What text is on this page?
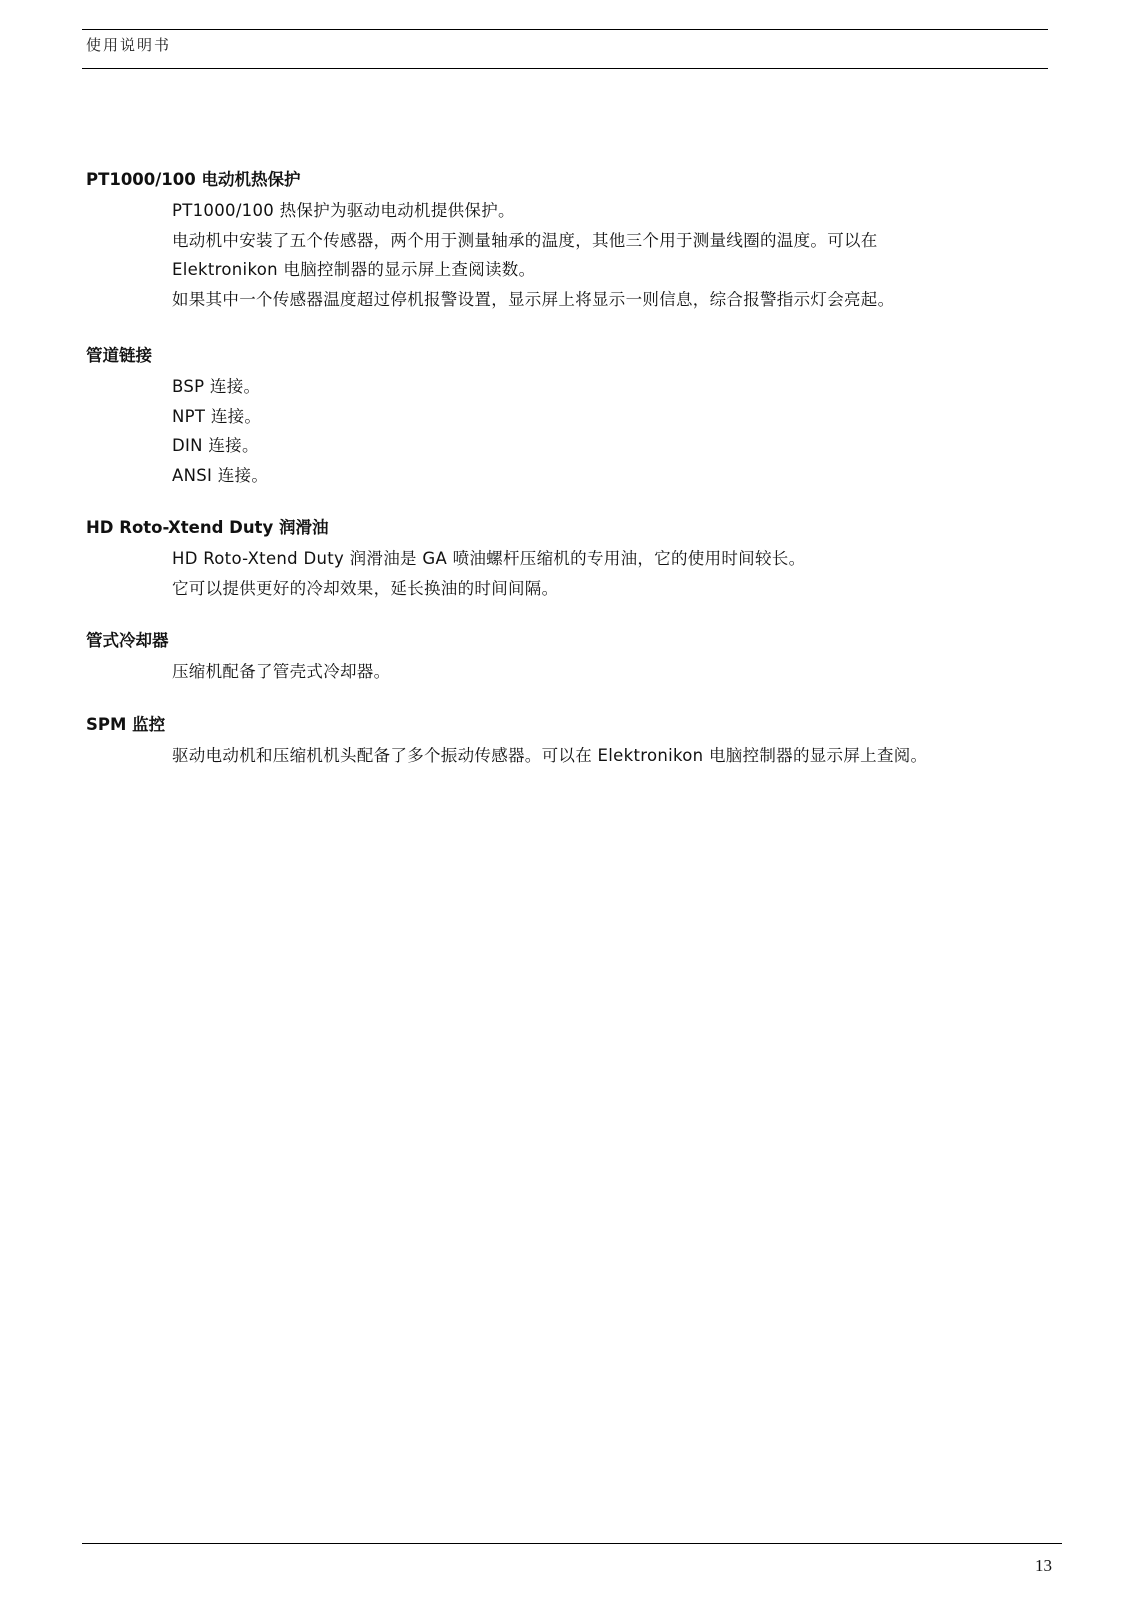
使用说明书
PT1000/100 电动机热保护

PT1000/100 热保护为驱动电动机提供保护。

电动机中安装了五个传感器，两个用于测量轴承的温度，其他三个用于测量线圈的温度。可以在 Elektronikon 电脑控制器的显示屏上查阅读数。

如果其中一个传感器温度超过停机报警设置，显示屏上将显示一则信息，综合报警指示灯会亮起。

管道链接

BSP 连接。

NPT 连接。

DIN 连接。

ANSI 连接。

HD Roto-Xtend Duty 润滑油

HD Roto-Xtend Duty 润滑油是 GA 喷油螺杆压缩机的专用油，它的使用时间较长。

它可以提供更好的冷却效果，延长换油的时间间隔。

管式冷却器

压缩机配备了管壳式冷却器。

SPM 监控

驱动电动机和压缩机机头配备了多个振动传感器。可以在 Elektronikon 电脑控制器的显示屏上查阅。

13
